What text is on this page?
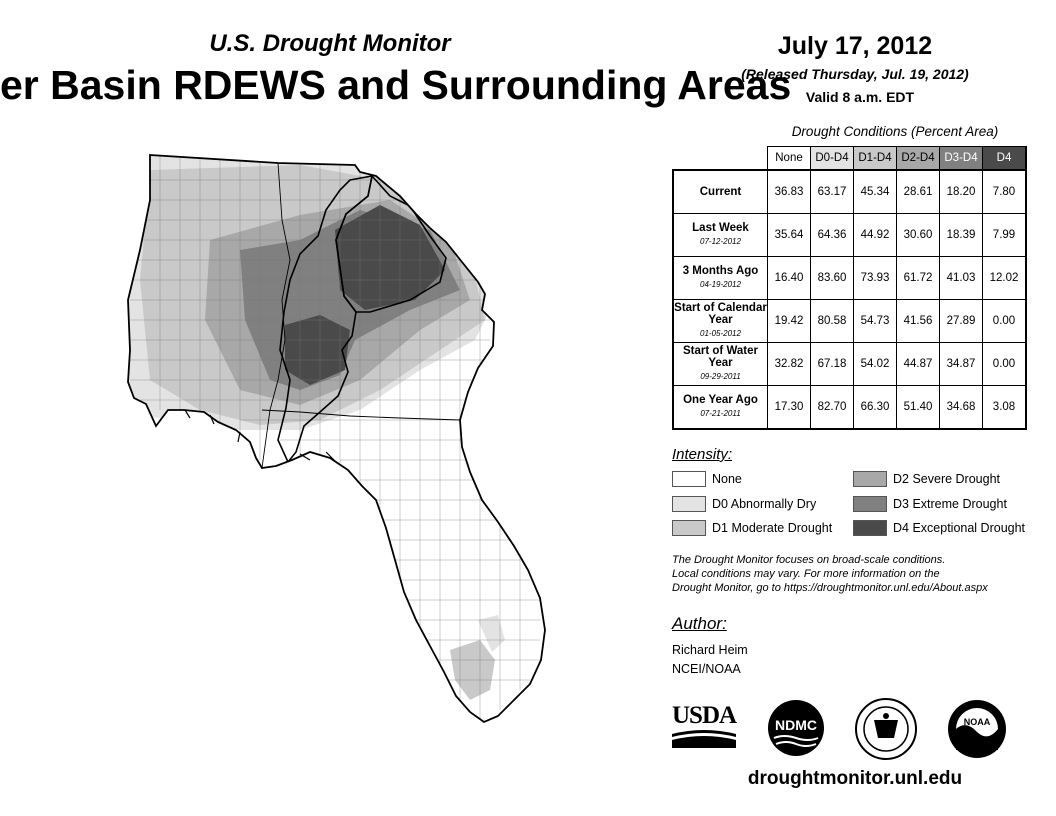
U.S. Drought Monitor
er Basin RDEWS and Surrounding Areas
July 17, 2012
(Released Thursday, Jul. 19, 2012)
Valid 8 a.m. EDT
Drought Conditions (Percent Area)
	None	D0-D4	D1-D4	D2-D4	D3-D4	D4
Current	36.83	63.17	45.34	28.61	18.20	7.80
Last Week
07-12-2012	35.64	64.36	44.92	30.60	18.39	7.99
3 Months Ago
04-19-2012	16.40	83.60	73.93	61.72	41.03	12.02
Start of Calendar Year
01-05-2012	19.42	80.58	54.73	41.56	27.89	0.00
Start of Water Year
09-29-2011	32.82	67.18	54.02	44.87	34.87	0.00
One Year Ago
07-21-2011	17.30	82.70	66.30	51.40	34.68	3.08
Intensity:
None
D0 Abnormally Dry
D1 Moderate Drought
D2 Severe Drought
D3 Extreme Drought
D4 Exceptional Drought
The Drought Monitor focuses on broad-scale conditions.
Local conditions may vary. For more information on the
Drought Monitor, go to https://droughtmonitor.unl.edu/About.aspx
Author:
Richard Heim
NCEI/NOAA
USDA	NDMC	NOAA
droughtmonitor.unl.edu
